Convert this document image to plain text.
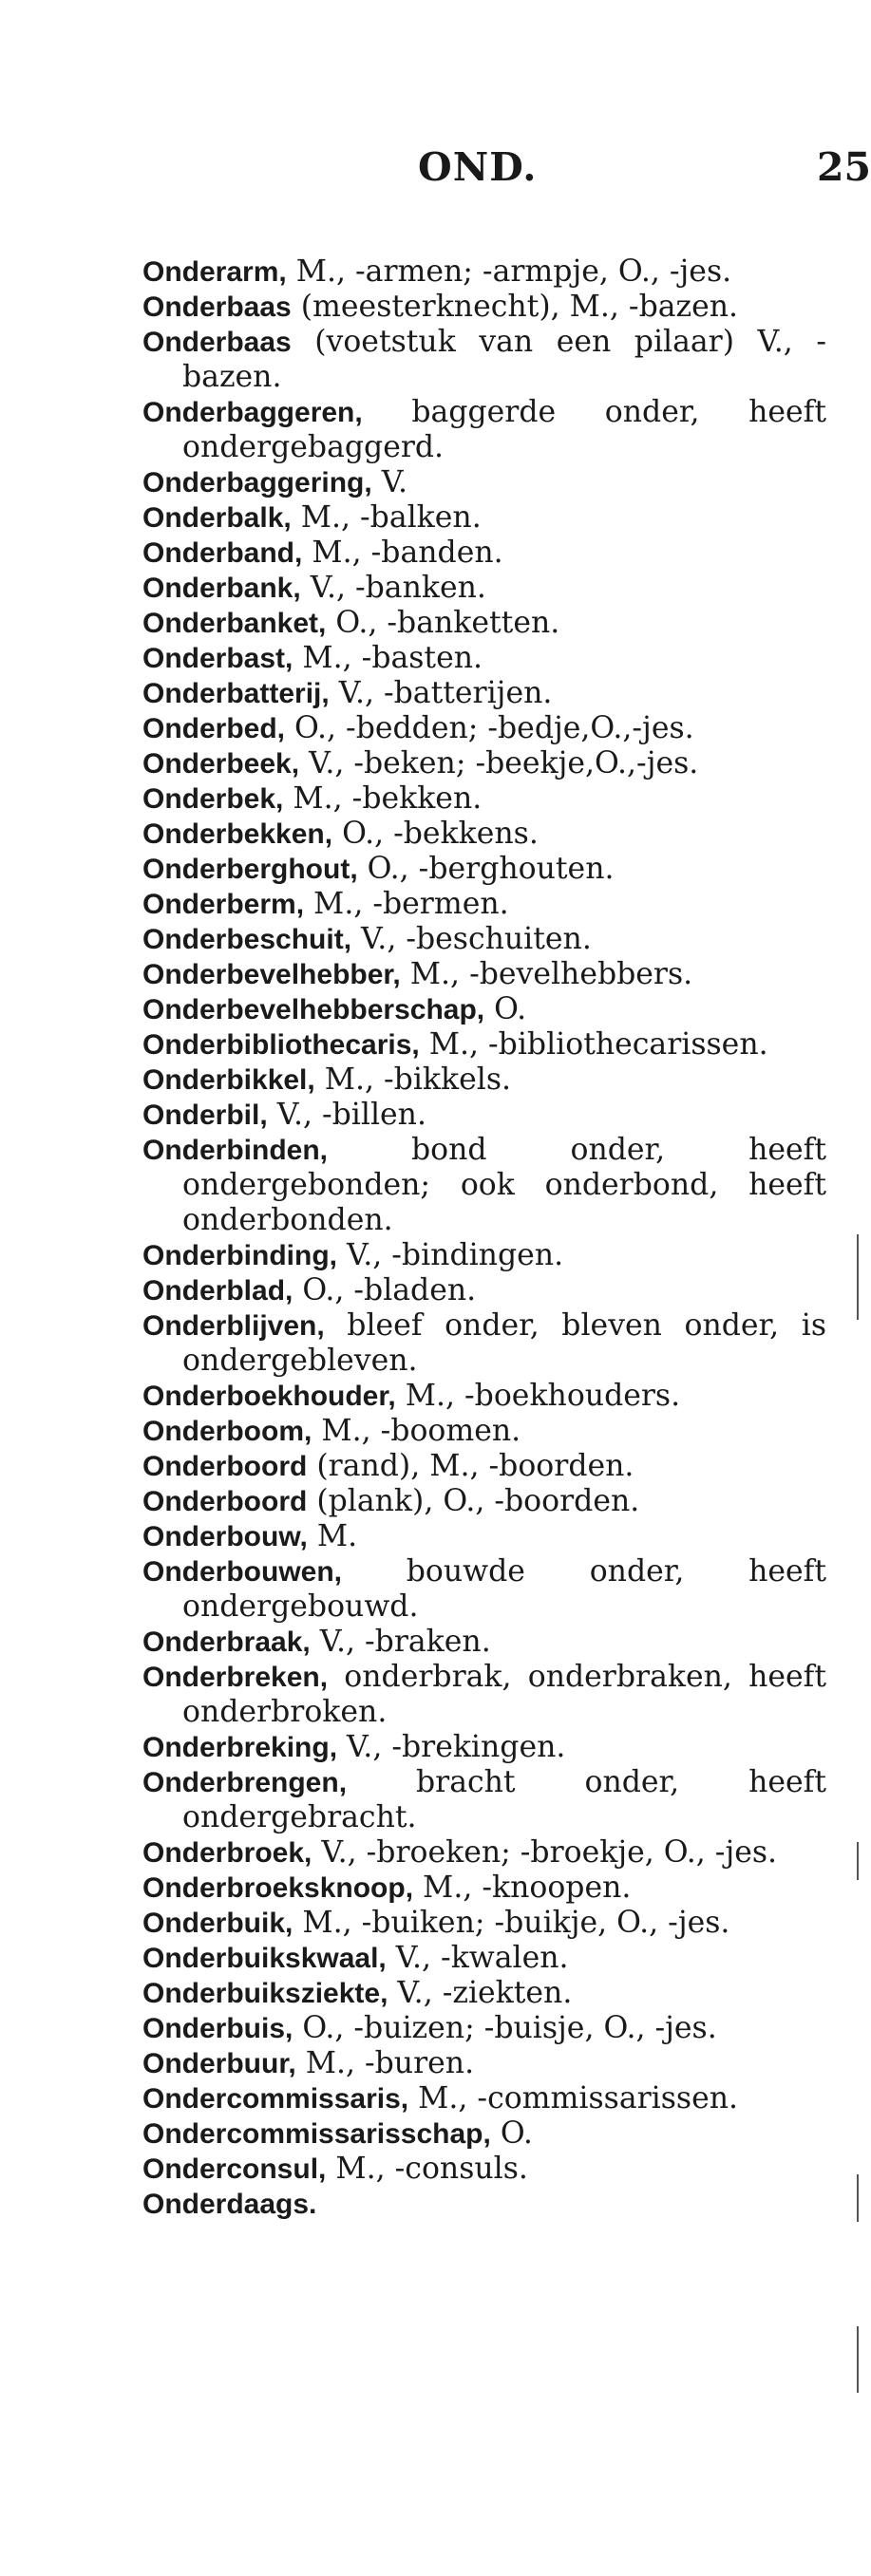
OND.	25

Onderarm, M., -armen; -armpje, O., -jes.

Onderbaas (meesterknecht), M., -bazen.

Onderbaas (voetstuk van een pilaar) V., -bazen.

Onderbaggeren, baggerde onder, heeft ondergebaggerd.

Onderbaggering, V.

Onderbalk, M., -balken.

Onderband, M., -banden.

Onderbank, V., -banken.

Onderbanket, O., -banketten.

Onderbast, M., -basten.

Onderbatterij, V., -batterijen.

Onderbed, O., -bedden; -bedje,O.,-jes.

Onderbeek, V., -beken; -beekje,O.,-jes.

Onderbek, M., -bekken.

Onderbekken, O., -bekkens.

Onderberghout, O., -berghouten.

Onderberm, M., -bermen.

Onderbeschuit, V., -beschuiten.

Onderbevelhebber, M., -bevelhebbers.

Onderbevelhebberschap, O.

Onderbibliothecaris, M., -bibliothecarissen.

Onderbikkel, M., -bikkels.

Onderbil, V., -billen.

Onderbinden, bond onder, heeft ondergebonden; ook onderbond, heeft onderbonden.

Onderbinding, V., -bindingen.

Onderblad, O., -bladen.

Onderblijven, bleef onder, bleven onder, is ondergebleven.

Onderboekhouder, M., -boekhouders.

Onderboom, M., -boomen.

Onderboord (rand), M., -boorden.

Onderboord (plank), O., -boorden.

Onderbouw, M.

Onderbouwen, bouwde onder, heeft ondergebouwd.

Onderbraak, V., -braken.

Onderbreken, onderbrak, onderbraken, heeft onderbroken.

Onderbreking, V., -brekingen.

Onderbrengen, bracht onder, heeft ondergebracht.

Onderbroek, V., -broeken; -broekje, O., -jes.

Onderbroeksknoop, M., -knoopen.

Onderbuik, M., -buiken; -buikje, O., -jes.

Onderbuikskwaal, V., -kwalen.

Onderbuiksziekte, V., -ziekten.

Onderbuis, O., -buizen; -buisje, O., -jes.

Onderbuur, M., -buren.

Ondercommissaris, M., -commissarissen.

Ondercommissarisschap, O.

Onderconsul, M., -consuls.

Onderdaags.
